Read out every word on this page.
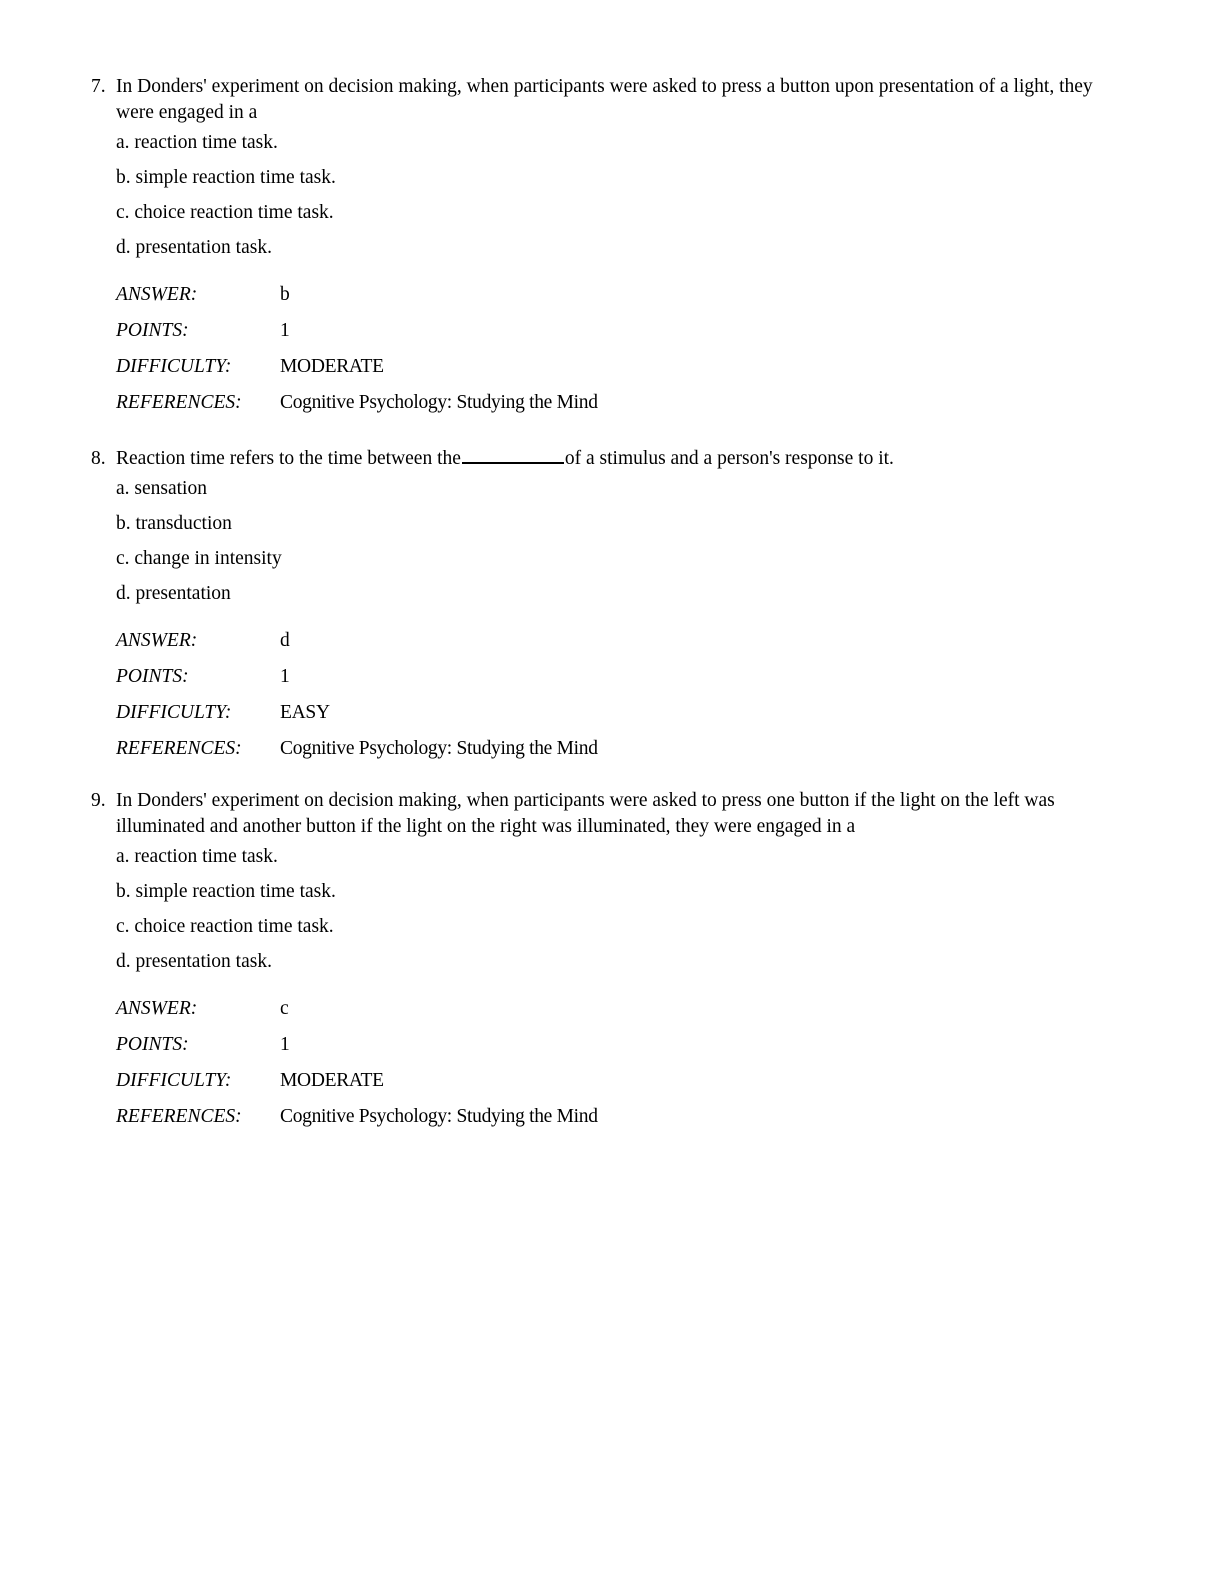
7. In Donders' experiment on decision making, when participants were asked to press a button upon presentation of a light, they were engaged in a

a. reaction time task.
b. simple reaction time task.
c. choice reaction time task.
d. presentation task.
ANSWER:	b
POINTS:	1
DIFFICULTY:	MODERATE
REFERENCES:	Cognitive Psychology: Studying the Mind

8. Reaction time refers to the time between the	of a stimulus and a person's response to it.

a. sensation
b. transduction
c. change in intensity
d. presentation
ANSWER:	d
POINTS:	1
DIFFICULTY:	EASY
REFERENCES:	Cognitive Psychology: Studying the Mind

9. In Donders' experiment on decision making, when participants were asked to press one button if the light on the left was illuminated and another button if the light on the right was illuminated, they were engaged in a

a. reaction time task.
b. simple reaction time task.
c. choice reaction time task.
d. presentation task.
ANSWER:	c
POINTS:	1
DIFFICULTY:	MODERATE
REFERENCES:	Cognitive Psychology: Studying the Mind
